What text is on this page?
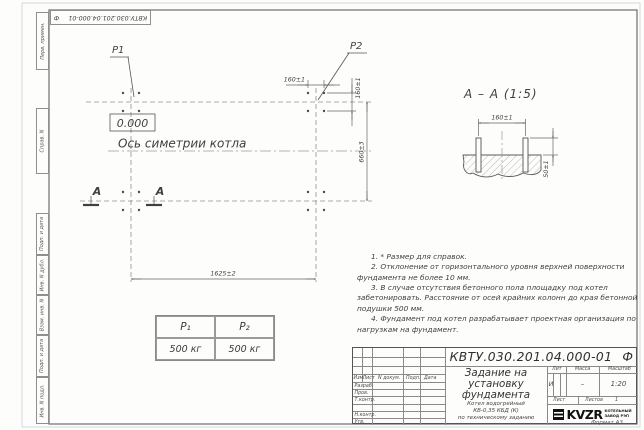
P1	P2
160±1	160±1
660±3
1625±2
A	A
0.000
Ось симетрии котла
A – A (1:5)
160±1
50±1
КВТУ.030.201.04.000-01
Ф
Перв. примен.
Справ. N
Подп. и дата
Инв. N дубл.
Взам. инв. N
Подп. и дата
Инв. N подл.
P₁	P₂
500 кг	500 кг

1. * Размер для справок.

2. Отклонение от горизонтального уровня верхней поверхности фундамента не более 10 мм.

3. В случае отсутствия бетонного пола площадку под котел забетонировать. Расстояние от осей крайних колонн до края бетонной подушки 500 мм.

4. Фундамент под котел разрабатывает проектная организация по нагрузкам на фундамент.

Изм.
Лист N докум. Подп. Дата
Разраб.
Пров.
Т.контр.
Н.контр.
Утв.
КВТУ.030.201.04.000-01 Ф
Задание на
установку
фундамента
Котел водогрейный
КВ-0,35 КБД (К)
по техническому заданию
Лит	Масса	Масштаб
И	–	1:20
Лист	Листов	1
KVZR КОТЕЛЬНЫЙ
ЗАВОД РЭП
Формат А3
